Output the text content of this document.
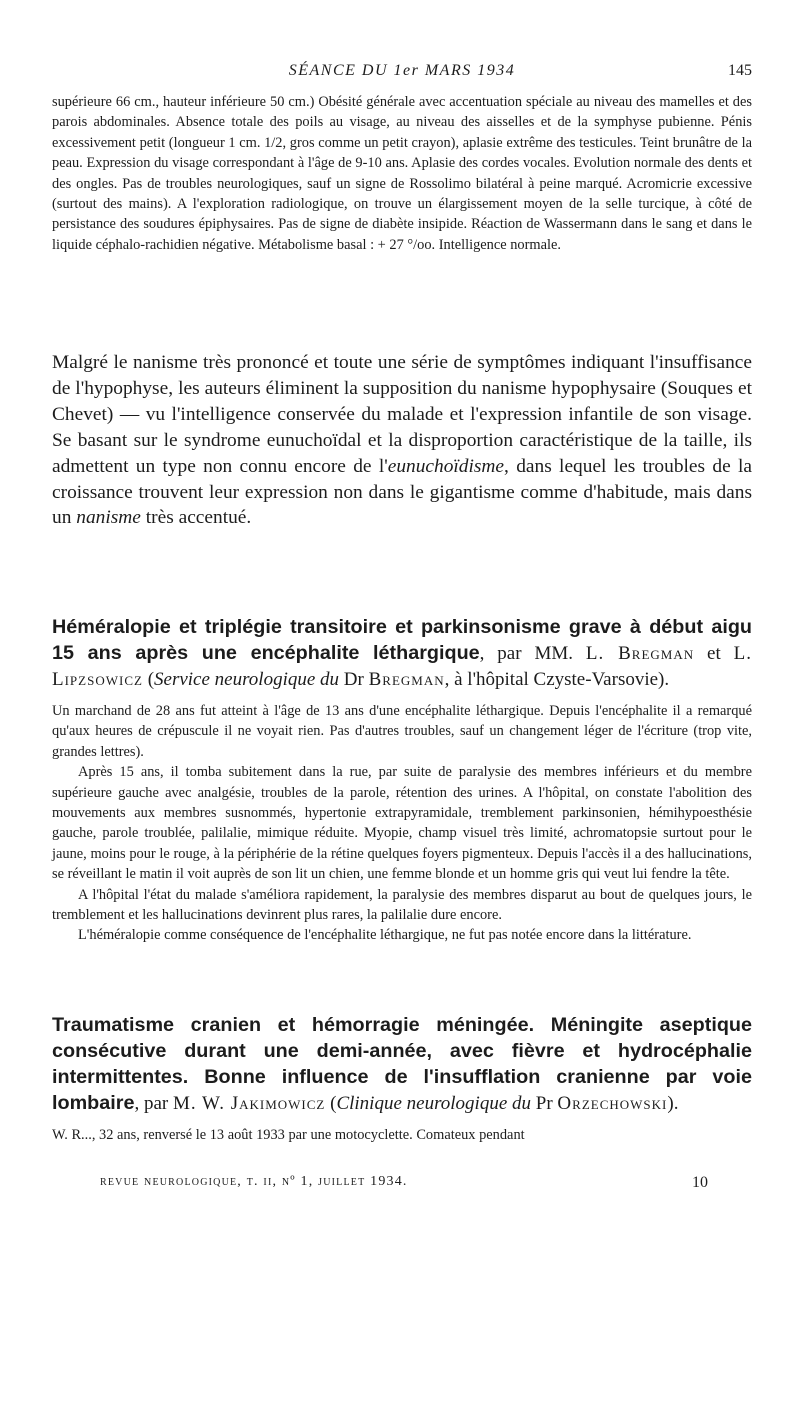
SÉANCE DU 1er MARS 1934	145

supérieure 66 cm., hauteur inférieure 50 cm.) Obésité générale avec accentuation spéciale au niveau des mamelles et des parois abdominales. Absence totale des poils au visage, au niveau des aisselles et de la symphyse pubienne. Pénis excessivement petit (longueur 1 cm. 1/2, gros comme un petit crayon), aplasie extrême des testicules. Teint brunâtre de la peau. Expression du visage correspondant à l'âge de 9-10 ans. Aplasie des cordes vocales. Evolution normale des dents et des ongles. Pas de troubles neurologiques, sauf un signe de Rossolimo bilatéral à peine marqué. Acromicrie excessive (surtout des mains). A l'exploration radiologique, on trouve un élargissement moyen de la selle turcique, à côté de persistance des soudures épiphysaires. Pas de signe de diabète insipide. Réaction de Wassermann dans le sang et dans le liquide céphalo-rachidien négative. Métabolisme basal : + 27 °/oo. Intelligence normale.

Malgré le nanisme très prononcé et toute une série de symptômes indiquant l'insuffisance de l'hypophyse, les auteurs éliminent la supposition du nanisme hypophysaire (Souques et Chevet) — vu l'intelligence conservée du malade et l'expression infantile de son visage. Se basant sur le syndrome eunuchoïdal et la disproportion caractéristique de la taille, ils admettent un type non connu encore de l'eunuchoïdisme, dans lequel les troubles de la croissance trouvent leur expression non dans le gigantisme comme d'habitude, mais dans un nanisme très accentué.

Héméralopie et triplégie transitoire et parkinsonisme grave à début aigu 15 ans après une encéphalite léthargique, par MM. L. Bregman et L. Lipzsowicz (Service neurologique du Dr Bregman, à l'hôpital Czyste-Varsovie).

Un marchand de 28 ans fut atteint à l'âge de 13 ans d'une encéphalite léthargique. Depuis l'encéphalite il a remarqué qu'aux heures de crépuscule il ne voyait rien. Pas d'autres troubles, sauf un changement léger de l'écriture (trop vite, grandes lettres).

Après 15 ans, il tomba subitement dans la rue, par suite de paralysie des membres inférieurs et du membre supérieure gauche avec analgésie, troubles de la parole, rétention des urines. A l'hôpital, on constate l'abolition des mouvements aux membres susnommés, hypertonie extrapyramidale, tremblement parkinsonien, hémihypoesthésie gauche, parole troublée, palilalie, mimique réduite. Myopie, champ visuel très limité, achromatopsie surtout pour le jaune, moins pour le rouge, à la périphérie de la rétine quelques foyers pigmenteux. Depuis l'accès il a des hallucinations, se réveillant le matin il voit auprès de son lit un chien, une femme blonde et un homme gris qui veut lui fendre la tête.

A l'hôpital l'état du malade s'améliora rapidement, la paralysie des membres disparut au bout de quelques jours, le tremblement et les hallucinations devinrent plus rares, la palilalie dure encore.

L'héméralopie comme conséquence de l'encéphalite léthargique, ne fut pas notée encore dans la littérature.

Traumatisme cranien et hémorragie méningée. Méningite aseptique consécutive durant une demi-année, avec fièvre et hydrocéphalie intermittentes. Bonne influence de l'insufflation cranienne par voie lombaire, par M. W. Jakimowicz (Clinique neurologique du Pr Orzechowski).

W. R..., 32 ans, renversé le 13 août 1933 par une motocyclette. Comateux pendant

revue neurologique, t. ii, nº 1, juillet 1934.	10
